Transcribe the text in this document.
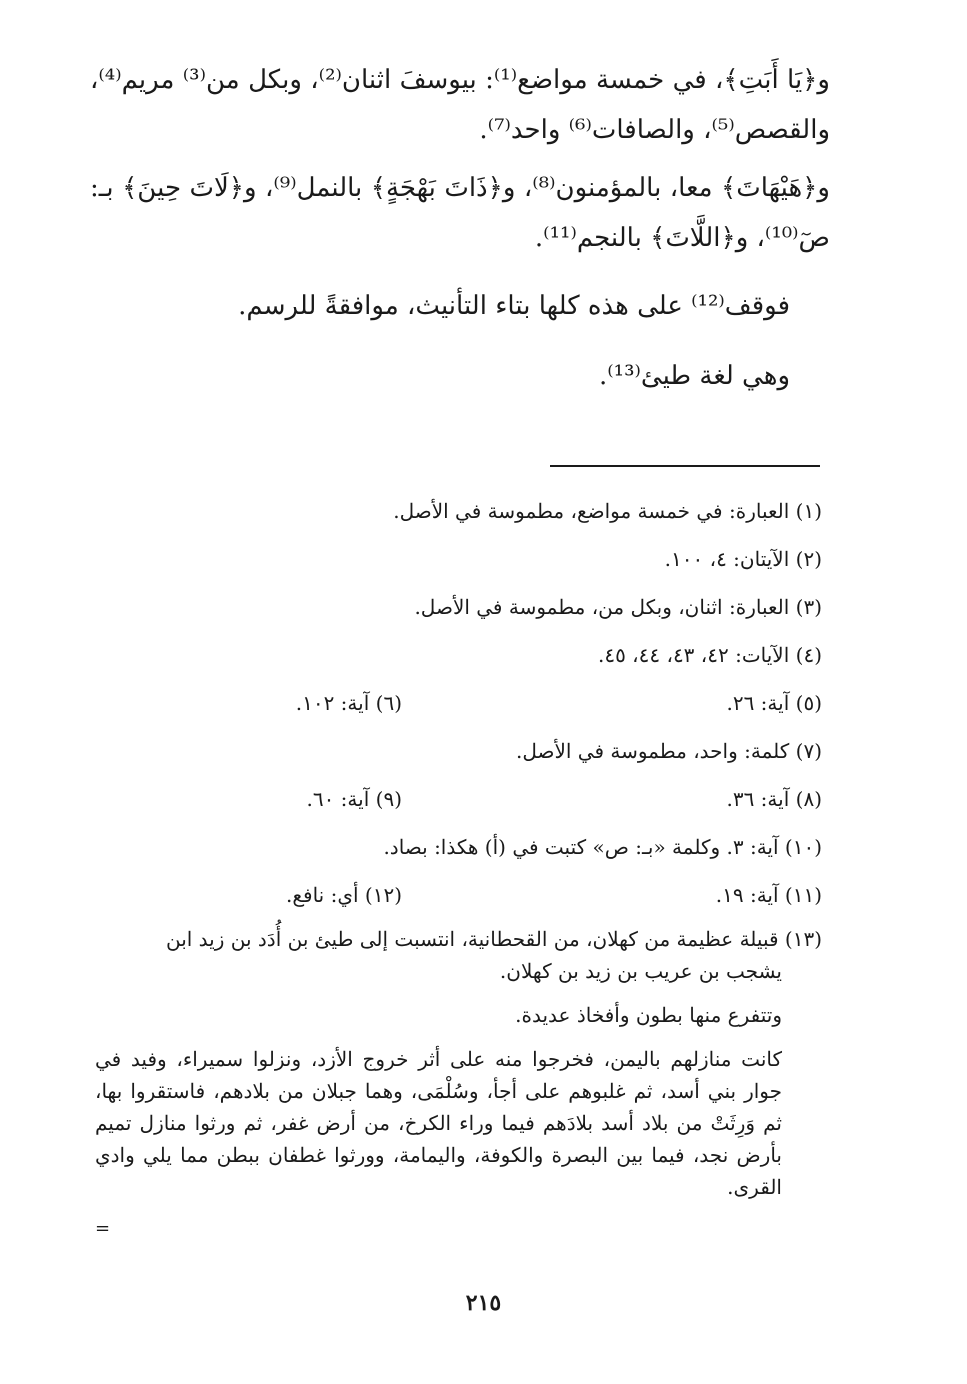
و﴿يَا أَبَتِ﴾، في خمسة مواضع⁽¹⁾: بيوسفَ اثنان⁽²⁾، وبكل من⁽³⁾ مريم⁽⁴⁾، والقصص⁽⁵⁾، والصافات⁽⁶⁾ واحد⁽⁷⁾.

و﴿هَيْهَاتَ﴾ معا، بالمؤمنون⁽⁸⁾، و﴿ذَاتَ بَهْجَةٍ﴾ بالنمل⁽⁹⁾، و﴿لَاتَ حِينَ﴾ بـ: صٓ⁽¹⁰⁾، و﴿اللَّاتَ﴾ بالنجم⁽¹¹⁾.

فوقف⁽¹²⁾ على هذه كلها بتاء التأنيث، موافقةً للرسم.

وهي لغة طيئ⁽¹³⁾.

(١) العبارة: في خمسة مواضع، مطموسة في الأصل.
(٢) الآيتان: ٤، ١٠٠.
(٣) العبارة: اثنان، وبكل من، مطموسة في الأصل.
(٤) الآيات: ٤٢، ٤٣، ٤٤، ٤٥.
(٥) آية: ٢٦.
(٦) آية: ١٠٢.
(٧) كلمة: واحد، مطموسة في الأصل.
(٨) آية: ٣٦.
(٩) آية: ٦٠.
(١٠) آية: ٣. وكلمة «بـ: ص» كتبت في (أ) هكذا: بصاد.
(١١) آية: ١٩.
(١٢) أي: نافع.
(١٣) قبيلة عظيمة من كهلان، من القحطانية، انتسبت إلى طيئ بن أُدَد بن زيد ابن
يشجب بن عريب بن زيد بن كهلان.
وتتفرع منها بطون وأفخاذ عديدة.
كانت منازلهم باليمن، فخرجوا منه على أثر خروج الأزد، ونزلوا سميراء، وفيد في جوار بني أسد، ثم غلبوهم على أجأ، وسُلْمَى، وهما جبلان من بلادهم، فاستقروا بها، ثم وَرِثَتْ من بلاد أسد بلادَهم فيما وراء الكرخ، من أرض غفر، ثم ورثوا منازل تميم بأرض نجد، فيما بين البصرة والكوفة، واليمامة، وورثوا غطفان ببطن مما يلي وادي القرى.
=
٢١٥
